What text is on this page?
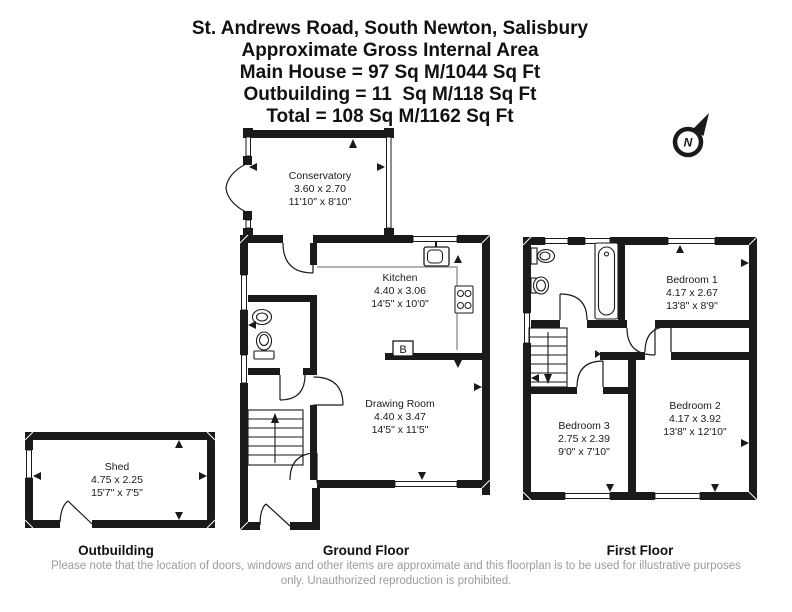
St. Andrews Road, South Newton, Salisbury
Approximate Gross Internal Area
Main House = 97 Sq M/1044 Sq Ft
Outbuilding = 11  Sq M/118 Sq Ft
Total = 108 Sq M/1162 Sq Ft
N
B
Shed
4.75 x 2.25
15'7" x 7'5"
Conservatory
3.60 x 2.70
11'10" x 8'10"
Kitchen
4.40 x 3.06
14'5" x 10'0"
Drawing Room
4.40 x 3.47
14'5" x 11'5"
Bedroom 1
4.17 x 2.67
13'8" x 8'9"
Bedroom 2
4.17 x 3.92
13'8" x 12'10"
Bedroom 3
2.75 x 2.39
9'0" x 7'10"
Outbuilding	Ground Floor	First Floor
Please note that the location of doors, windows and other items are approximate and this floorplan is to be used for illustrative purposes only. Unauthorized reproduction is prohibited.
